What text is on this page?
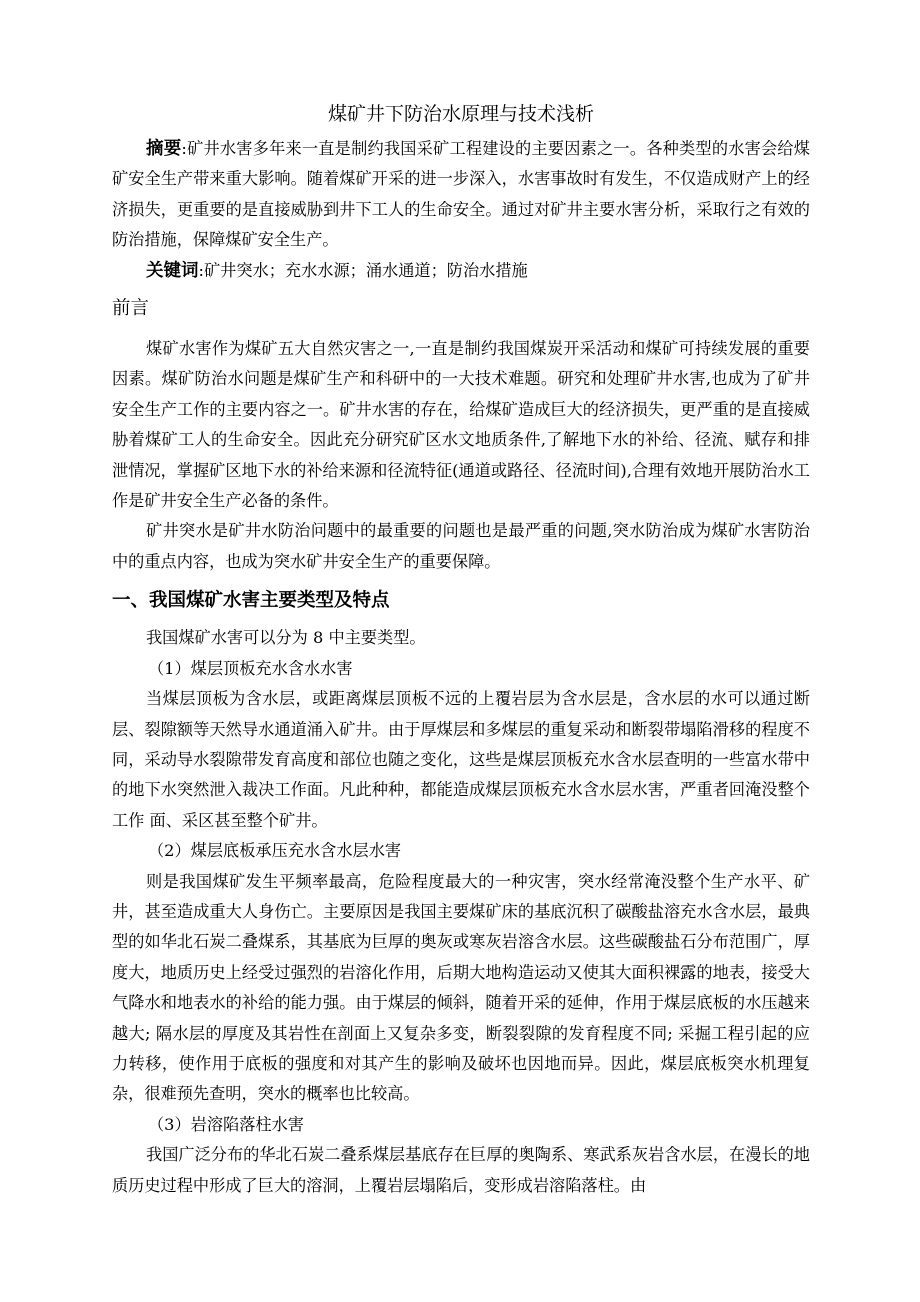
煤矿井下防治水原理与技术浅析

摘要:矿井水害多年来一直是制约我国采矿工程建设的主要因素之一。各种类型的水害会给煤矿安全生产带来重大影响。随着煤矿开采的进一步深入，水害事故时有发生，不仅造成财产上的经济损失，更重要的是直接威胁到井下工人的生命安全。通过对矿井主要水害分析，采取行之有效的防治措施，保障煤矿安全生产。

关键词:矿井突水；充水水源；涌水通道；防治水措施

前言

煤矿水害作为煤矿五大自然灾害之一,一直是制约我国煤炭开采活动和煤矿可持续发展的重要因素。煤矿防治水问题是煤矿生产和科研中的一大技术难题。研究和处理矿井水害,也成为了矿井安全生产工作的主要内容之一。矿井水害的存在，给煤矿造成巨大的经济损失，更严重的是直接威胁着煤矿工人的生命安全。因此充分研究矿区水文地质条件,了解地下水的补给、径流、赋存和排泄情况，掌握矿区地下水的补给来源和径流特征(通道或路径、径流时间),合理有效地开展防治水工作是矿井安全生产必备的条件。

矿井突水是矿井水防治问题中的最重要的问题也是最严重的问题,突水防治成为煤矿水害防治中的重点内容，也成为突水矿井安全生产的重要保障。

一、我国煤矿水害主要类型及特点

我国煤矿水害可以分为 8 中主要类型。

（1）煤层顶板充水含水水害

当煤层顶板为含水层，或距离煤层顶板不远的上覆岩层为含水层是，含水层的水可以通过断层、裂隙额等天然导水通道涌入矿井。由于厚煤层和多煤层的重复采动和断裂带塌陷滑移的程度不同，采动导水裂隙带发育高度和部位也随之变化，这些是煤层顶板充水含水层查明的一些富水带中的地下水突然泄入裁决工作面。凡此种种，都能造成煤层顶板充水含水层水害，严重者回淹没整个工作 面、采区甚至整个矿井。

（2）煤层底板承压充水含水层水害

则是我国煤矿发生平频率最高，危险程度最大的一种灾害，突水经常淹没整个生产水平、矿井，甚至造成重大人身伤亡。主要原因是我国主要煤矿床的基底沉积了碳酸盐溶充水含水层，最典型的如华北石炭二叠煤系，其基底为巨厚的奥灰或寒灰岩溶含水层。这些碳酸盐石分布范围广，厚度大，地质历史上经受过强烈的岩溶化作用，后期大地构造运动又使其大面积裸露的地表，接受大气降水和地表水的补给的能力强。由于煤层的倾斜，随着开采的延伸，作用于煤层底板的水压越来越大; 隔水层的厚度及其岩性在剖面上又复杂多变，断裂裂隙的发育程度不同; 采掘工程引起的应力转移，使作用于底板的强度和对其产生的影响及破坏也因地而异。因此，煤层底板突水机理复杂，很难预先查明，突水的概率也比较高。

（3）岩溶陷落柱水害

我国广泛分布的华北石炭二叠系煤层基底存在巨厚的奥陶系、寒武系灰岩含水层，在漫长的地质历史过程中形成了巨大的溶洞，上覆岩层塌陷后，变形成岩溶陷落柱。由
